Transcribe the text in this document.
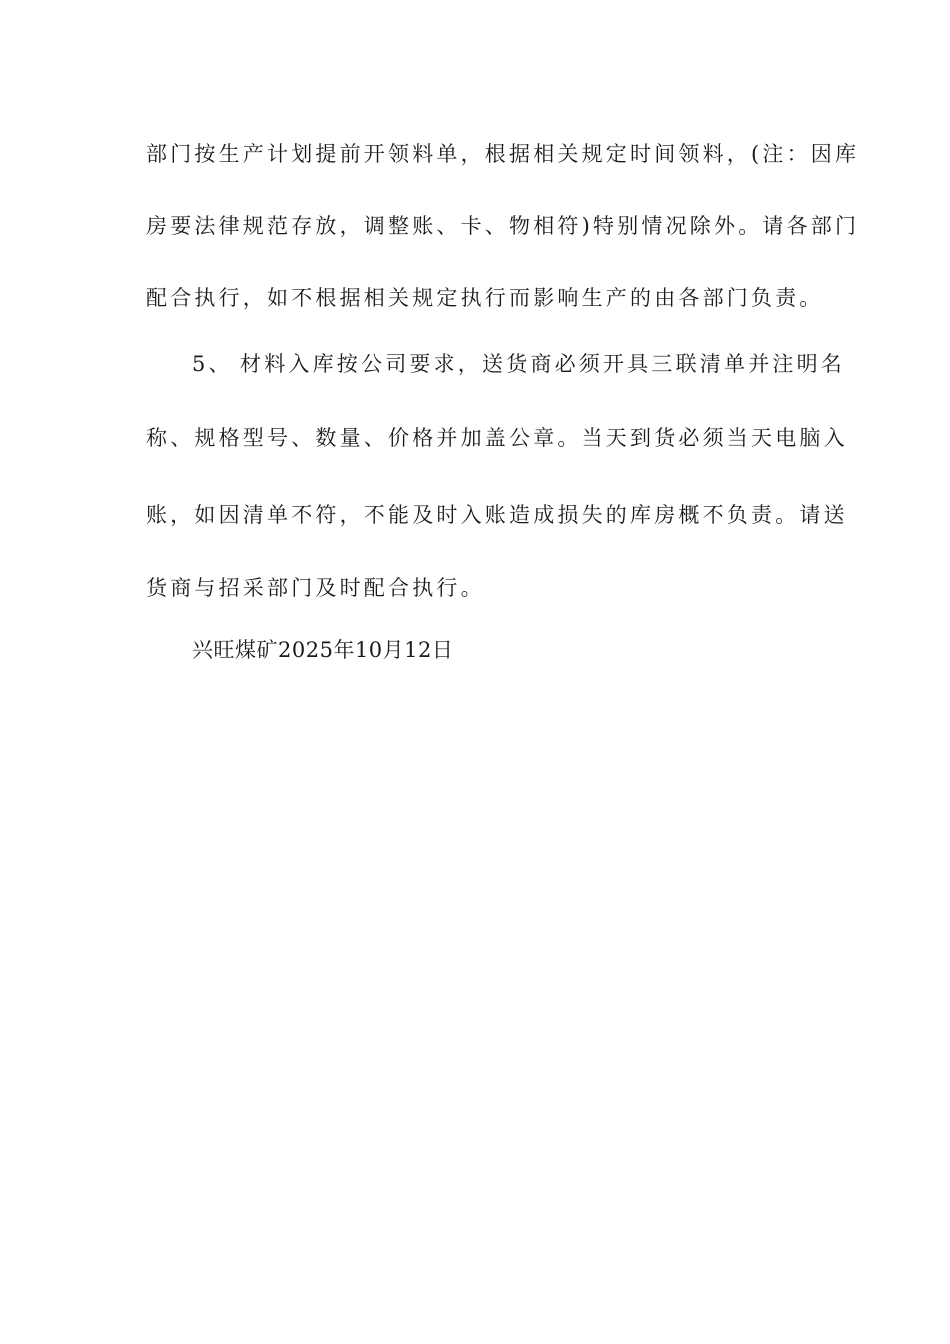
部门按生产计划提前开领料单，根据相关规定时间领料，(注：因库
房要法律规范存放，调整账、卡、物相符)特别情况除外。请各部门
配合执行，如不根据相关规定执行而影响生产的由各部门负责。
5、 材料入库按公司要求，送货商必须开具三联清单并注明名
称、规格型号、数量、价格并加盖公章。当天到货必须当天电脑入
账，如因清单不符，不能及时入账造成损失的库房概不负责。请送
货商与招采部门及时配合执行。
兴旺煤矿2025年10月12日
